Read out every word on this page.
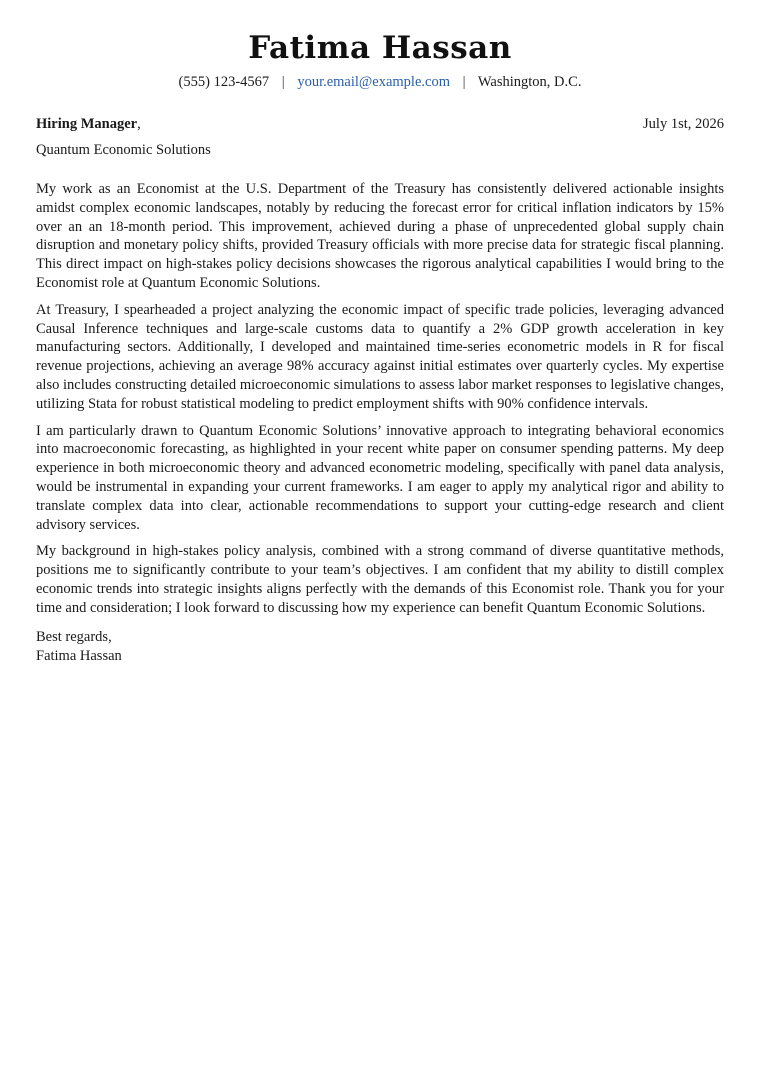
Fatima Hassan
(555) 123-4567 | your.email@example.com | Washington, D.C.
Hiring Manager,	July 1st, 2026
Quantum Economic Solutions

My work as an Economist at the U.S. Department of the Treasury has consistently delivered actionable insights amidst complex economic landscapes, notably by reducing the forecast error for critical inflation indicators by 15% over an an 18-month period. This improvement, achieved during a phase of unprecedented global supply chain disruption and monetary policy shifts, provided Treasury officials with more precise data for strategic fiscal planning. This direct impact on high-stakes policy decisions showcases the rigorous analytical capabilities I would bring to the Economist role at Quantum Economic Solutions.

At Treasury, I spearheaded a project analyzing the economic impact of specific trade policies, leveraging advanced Causal Inference techniques and large-scale customs data to quantify a 2% GDP growth acceleration in key manufacturing sectors. Additionally, I developed and maintained time-series econometric models in R for fiscal revenue projections, achieving an average 98% accuracy against initial estimates over quarterly cycles. My expertise also includes constructing detailed microeconomic simulations to assess labor market responses to legislative changes, utilizing Stata for robust statistical modeling to predict employment shifts with 90% confidence intervals.

I am particularly drawn to Quantum Economic Solutions’ innovative approach to integrating behavioral economics into macroeconomic forecasting, as highlighted in your recent white paper on consumer spending patterns. My deep experience in both microeconomic theory and advanced econometric modeling, specifically with panel data analysis, would be instrumental in expanding your current frameworks. I am eager to apply my analytical rigor and ability to translate complex data into clear, actionable recommendations to support your cutting-edge research and client advisory services.

My background in high-stakes policy analysis, combined with a strong command of diverse quantitative methods, positions me to significantly contribute to your team’s objectives. I am confident that my ability to distill complex economic trends into strategic insights aligns perfectly with the demands of this Economist role. Thank you for your time and consideration; I look forward to discussing how my experience can benefit Quantum Economic Solutions.

Best regards,
Fatima Hassan
